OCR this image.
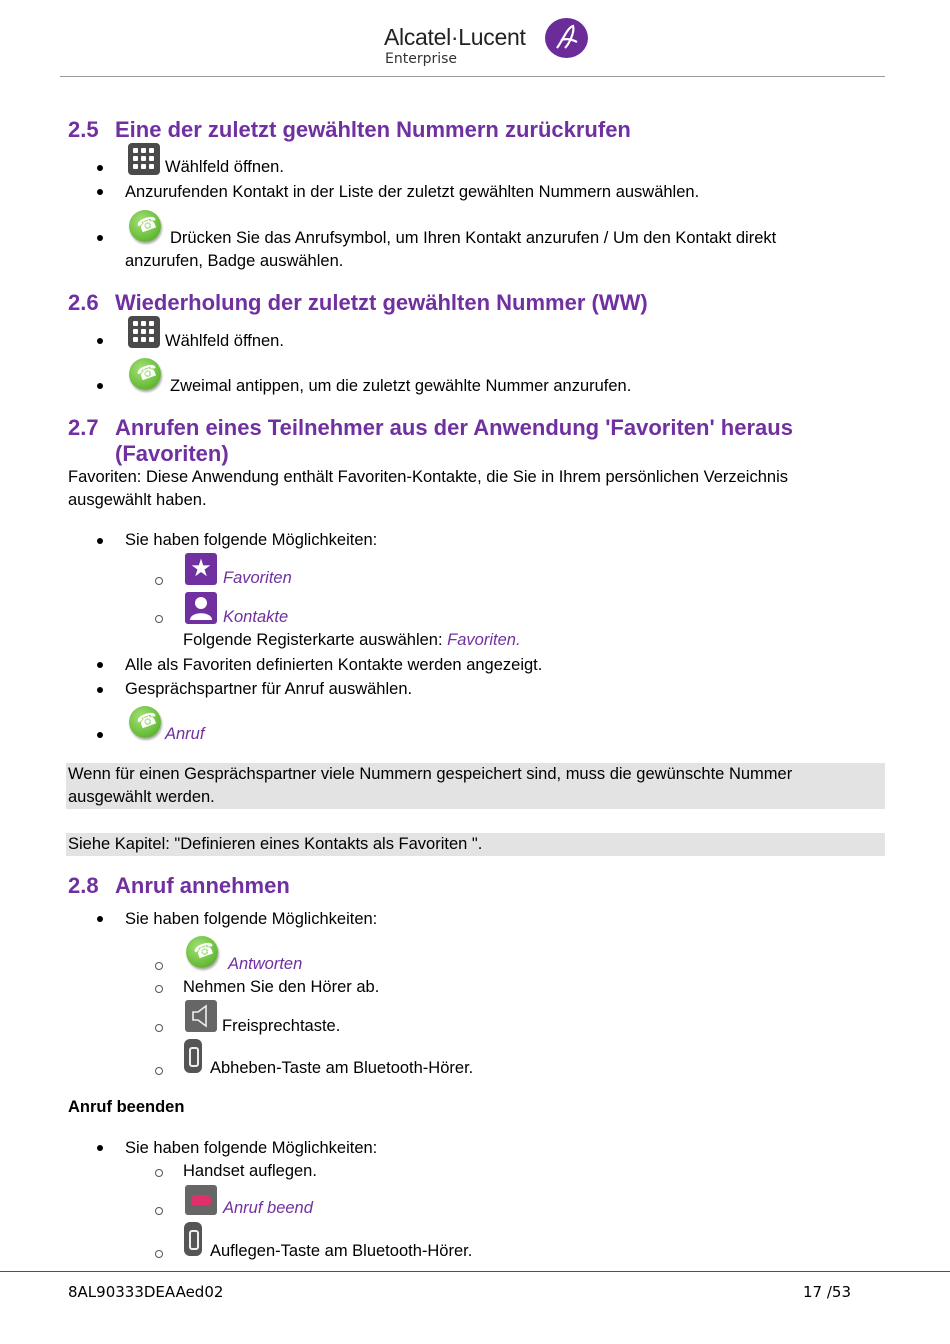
Alcatel·Lucent
Enterprise
2.5 Eine der zuletzt gewählten Nummern zurückrufen
Wählfeld öffnen.
Anzurufenden Kontakt in der Liste der zuletzt gewählten Nummern auswählen.
☎
Drücken Sie das Anrufsymbol, um Ihren Kontakt anzurufen / Um den Kontakt direkt
anzurufen, Badge auswählen.
2.6 Wiederholung der zuletzt gewählten Nummer (WW)
Wählfeld öffnen.
☎
Zweimal antippen, um die zuletzt gewählte Nummer anzurufen.
2.7 Anrufen eines Teilnehmer aus der Anwendung 'Favoriten' heraus
(Favoriten)
Favoriten: Diese Anwendung enthält Favoriten-Kontakte, die Sie in Ihrem persönlichen Verzeichnis
ausgewählt haben.
Sie haben folgende Möglichkeiten:
★ Favoriten
Kontakte
Folgende Registerkarte auswählen: Favoriten.
Alle als Favoriten definierten Kontakte werden angezeigt.
Gesprächspartner für Anruf auswählen.
☎
Anruf
Wenn für einen Gesprächspartner viele Nummern gespeichert sind, muss die gewünschte Nummer
ausgewählt werden.
Siehe Kapitel: "Definieren eines Kontakts als Favoriten ".
2.8 Anruf annehmen
Sie haben folgende Möglichkeiten:
☎
Antworten
Nehmen Sie den Hörer ab.
Freisprechtaste.
Abheben-Taste am Bluetooth-Hörer.
Anruf beenden
Sie haben folgende Möglichkeiten:
Handset auflegen.
Anruf beend
Auflegen-Taste am Bluetooth-Hörer.
8AL90333DEAAed02	17 /53
